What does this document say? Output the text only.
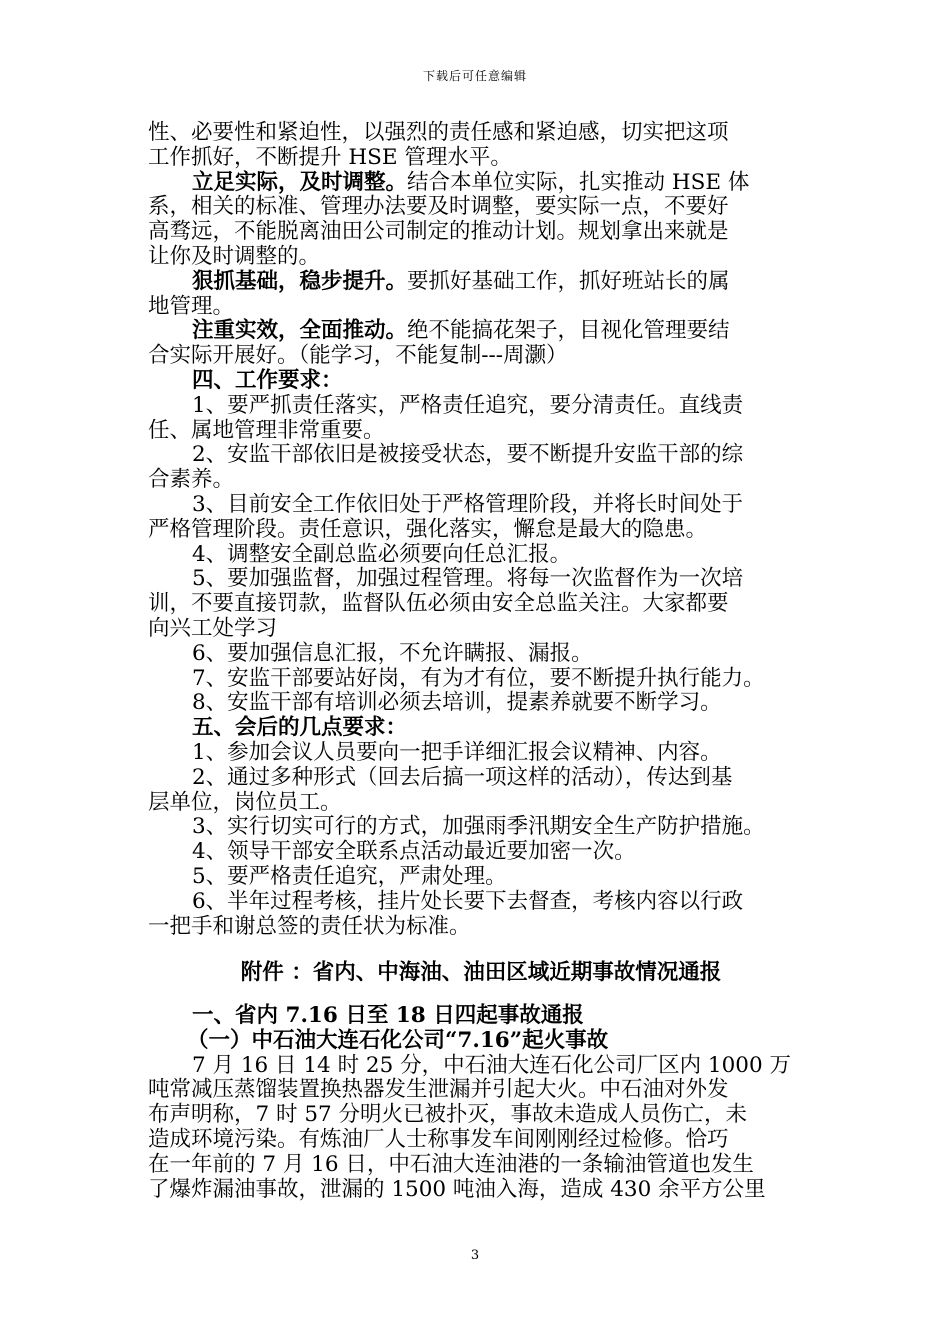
下载后可任意编辑
性、必要性和紧迫性，以强烈的责任感和紧迫感，切实把这项
工作抓好，不断提升 HSE 管理水平。
立足实际，及时调整。结合本单位实际，扎实推动 HSE 体
系，相关的标准、管理办法要及时调整，要实际一点，不要好
高骛远，不能脱离油田公司制定的推动计划。规划拿出来就是
让你及时调整的。
狠抓基础，稳步提升。要抓好基础工作，抓好班站长的属
地管理。
注重实效，全面推动。绝不能搞花架子，目视化管理要结
合实际开展好。（能学习，不能复制---周灏）
四、工作要求：
1、要严抓责任落实，严格责任追究，要分清责任。直线责
任、属地管理非常重要。
2、安监干部依旧是被接受状态，要不断提升安监干部的综
合素养。
3、目前安全工作依旧处于严格管理阶段，并将长时间处于
严格管理阶段。责任意识，强化落实，懈怠是最大的隐患。
4、调整安全副总监必须要向任总汇报。
5、要加强监督，加强过程管理。将每一次监督作为一次培
训，不要直接罚款，监督队伍必须由安全总监关注。大家都要
向兴工处学习
6、要加强信息汇报，不允许瞒报、漏报。
7、安监干部要站好岗，有为才有位，要不断提升执行能力。
8、安监干部有培训必须去培训，提素养就要不断学习。
五、会后的几点要求：
1、参加会议人员要向一把手详细汇报会议精神、内容。
2、通过多种形式（回去后搞一项这样的活动），传达到基
层单位，岗位员工。
3、实行切实可行的方式，加强雨季汛期安全生产防护措施。
4、领导干部安全联系点活动最近要加密一次。
5、要严格责任追究，严肃处理。
6、半年过程考核，挂片处长要下去督查，考核内容以行政
一把手和谢总签的责任状为标准。
附件 ：省内、中海油、油田区域近期事故情况通报
一、省内 7.16 日至 18 日四起事故通报
（一）中石油大连石化公司“7.16”起火事故
7 月 16 日 14 时 25 分，中石油大连石化公司厂区内 1000 万
吨常减压蒸馏装置换热器发生泄漏并引起大火。中石油对外发
布声明称，7 时 57 分明火已被扑灭，事故未造成人员伤亡，未
造成环境污染。有炼油厂人士称事发车间刚刚经过检修。恰巧
在一年前的 7 月 16 日，中石油大连油港的一条输油管道也发生
了爆炸漏油事故，泄漏的 1500 吨油入海，造成 430 余平方公里
3
